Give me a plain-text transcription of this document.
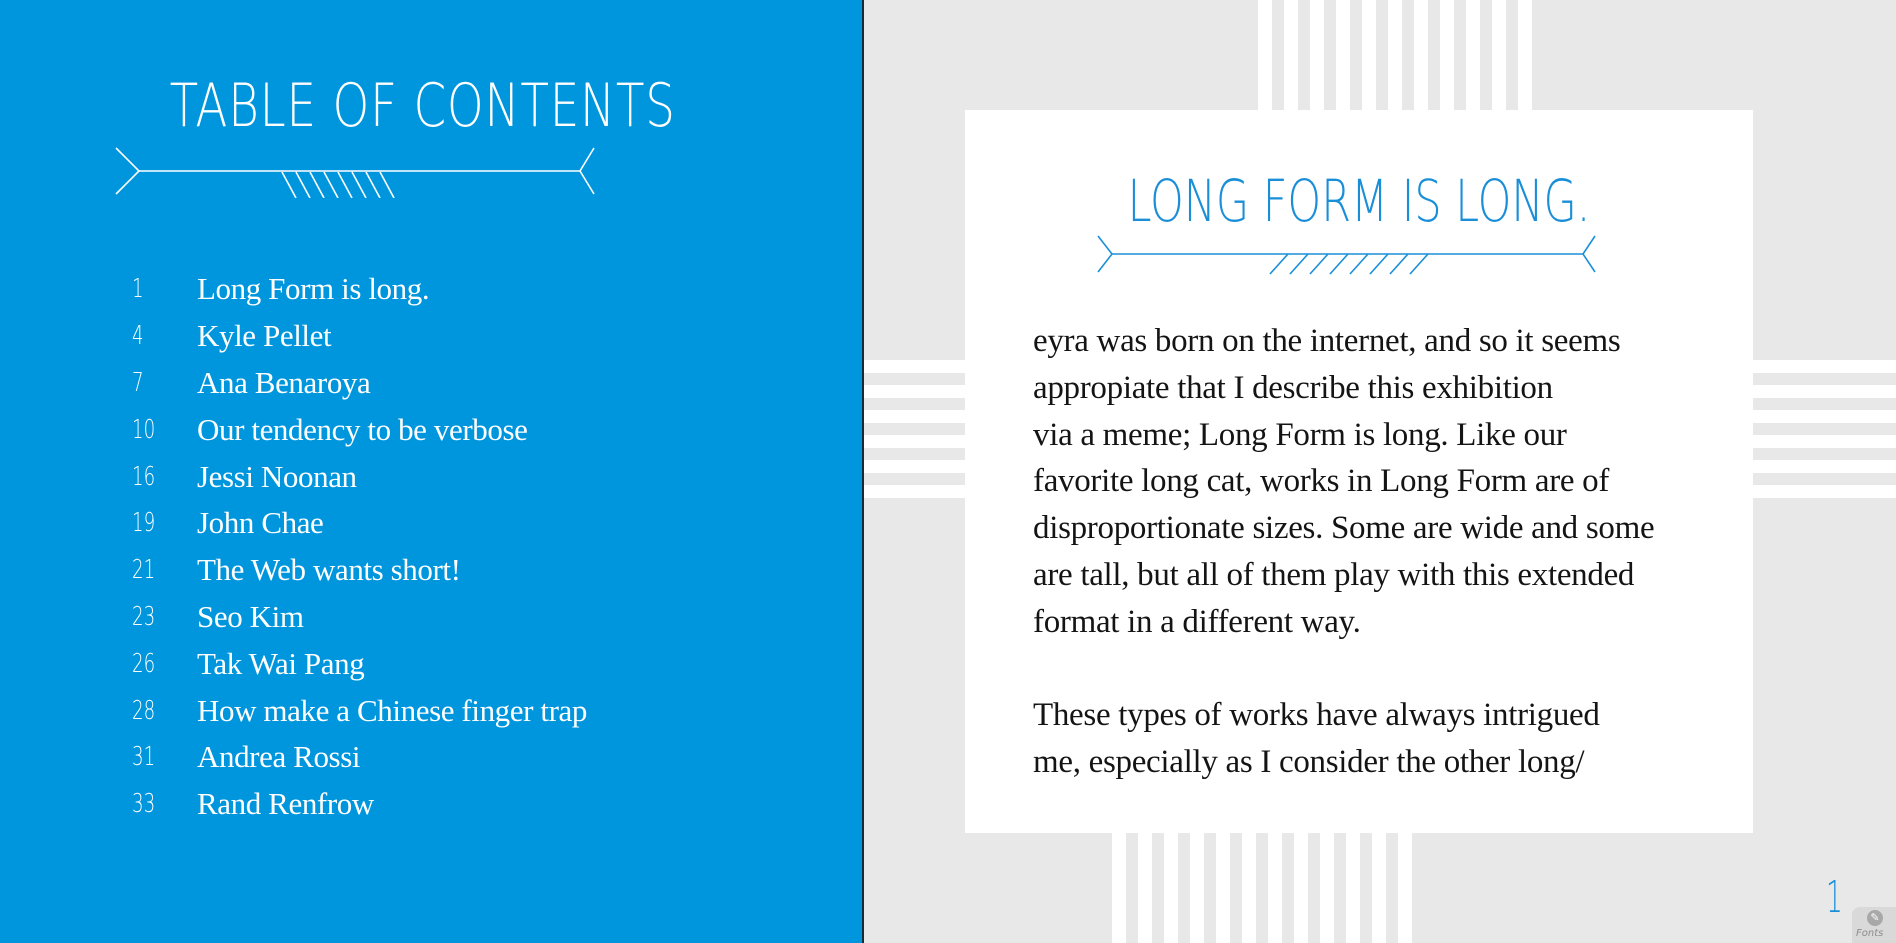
TABLE OF CONTENTS
1	Long Form is long.
4	Kyle Pellet
7	Ana Benaroya
10	Our tendency to be verbose
16	Jessi Noonan
19	John Chae
21	The Web wants short!
23	Seo Kim
26	Tak Wai Pang
28	How make a Chinese finger trap
31	Andrea Rossi
33	Rand Renfrow
LONG FORM IS LONG.

eyra was born on the internet, and so it seems
appropiate that I describe this exhibition
via a meme; Long Form is long. Like our
favorite long cat, works in Long Form are of
disproportionate sizes. Some are wide and some
are tall, but all of them play with this extended
format in a different way.

These types of works have always intrigued
me, especially as I consider the other long/

1	✎
Fonts
